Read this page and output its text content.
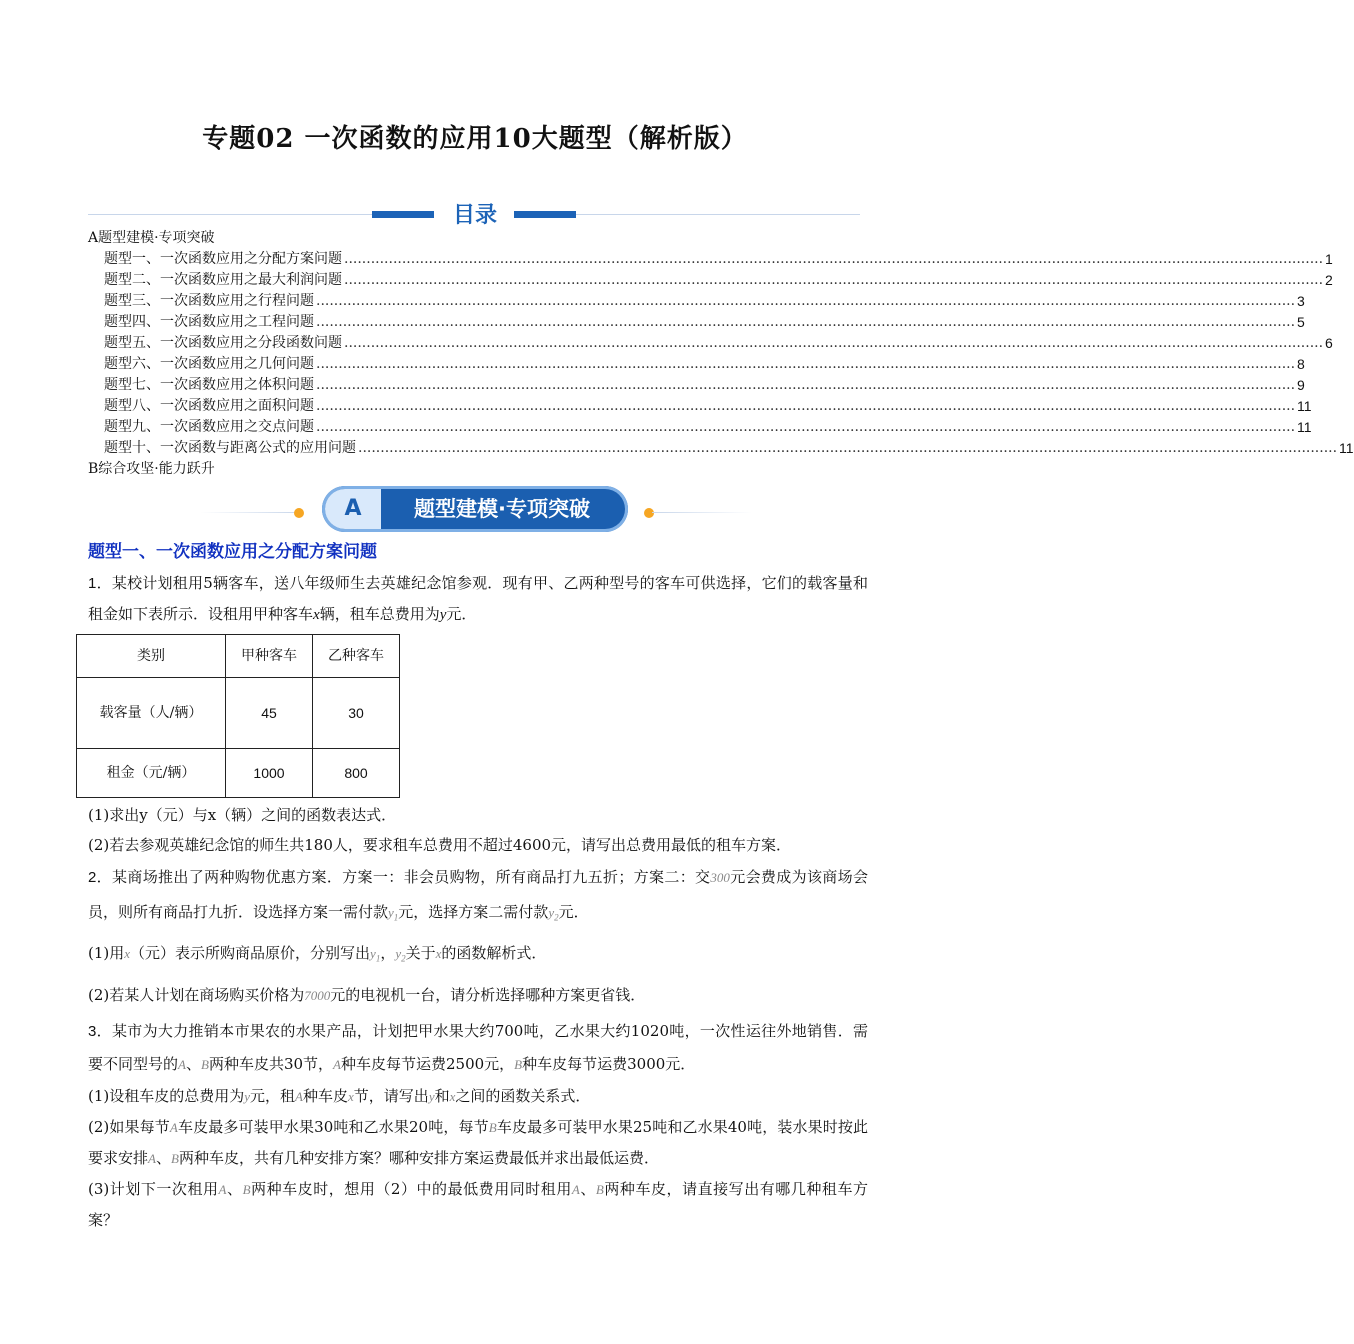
专题02 一次函数的应用10大题型（解析版）
目录
A题型建模·专项突破
题型一、一次函数应用之分配方案问题 ............................................................................................................................................................................................................................ 1
题型二、一次函数应用之最大利润问题 ............................................................................................................................................................................................................................ 2
题型三、一次函数应用之行程问题 ............................................................................................................................................................................................................................ 3
题型四、一次函数应用之工程问题 ............................................................................................................................................................................................................................ 5
题型五、一次函数应用之分段函数问题 ............................................................................................................................................................................................................................ 6
题型六、一次函数应用之几何问题 ............................................................................................................................................................................................................................ 8
题型七、一次函数应用之体积问题 ............................................................................................................................................................................................................................ 9
题型八、一次函数应用之面积问题 ............................................................................................................................................................................................................................ 11
题型九、一次函数应用之交点问题 ............................................................................................................................................................................................................................ 11
题型十、一次函数与距离公式的应用问题 ............................................................................................................................................................................................................................ 11
B综合攻坚·能力跃升
A	题型建模·专项突破
题型一、一次函数应用之分配方案问题
1．某校计划租用5辆客车，送八年级师生去英雄纪念馆参观．现有甲、乙两种型号的客车可供选择，它们的载客量和租金如下表所示．设租用甲种客车x辆，租车总费用为y元．
类别	甲种客车	乙种客车
载客量（人/辆）	45	30
租金（元/辆）	1000	800
(1)求出y（元）与x（辆）之间的函数表达式．
(2)若去参观英雄纪念馆的师生共180人，要求租车总费用不超过4600元，请写出总费用最低的租车方案．
2．某商场推出了两种购物优惠方案．方案一：非会员购物，所有商品打九五折；方案二：交300元会费成为该商场会员，则所有商品打九折．设选择方案一需付款$y_1$元，选择方案二需付款$y_2$元．
(1)用x（元）表示所购商品原价，分别写出$y_1$，$y_2$关于x的函数解析式．
(2)若某人计划在商场购买价格为7000元的电视机一台，请分析选择哪种方案更省钱．
3．某市为大力推销本市果农的水果产品，计划把甲水果大约700吨，乙水果大约1020吨，一次性运往外地销售．需要不同型号的A、B两种车皮共30节，A种车皮每节运费2500元，B种车皮每节运费3000元．
(1)设租车皮的总费用为y元，租A种车皮x节，请写出y和x之间的函数关系式．
(2)如果每节A车皮最多可装甲水果30吨和乙水果20吨，每节B车皮最多可装甲水果25吨和乙水果40吨，装水果时按此要求安排A、B两种车皮，共有几种安排方案？哪种安排方案运费最低并求出最低运费．
(3)计划下一次租用A、B两种车皮时，想用（2）中的最低费用同时租用A、B两种车皮，请直接写出有哪几种租车方案？
